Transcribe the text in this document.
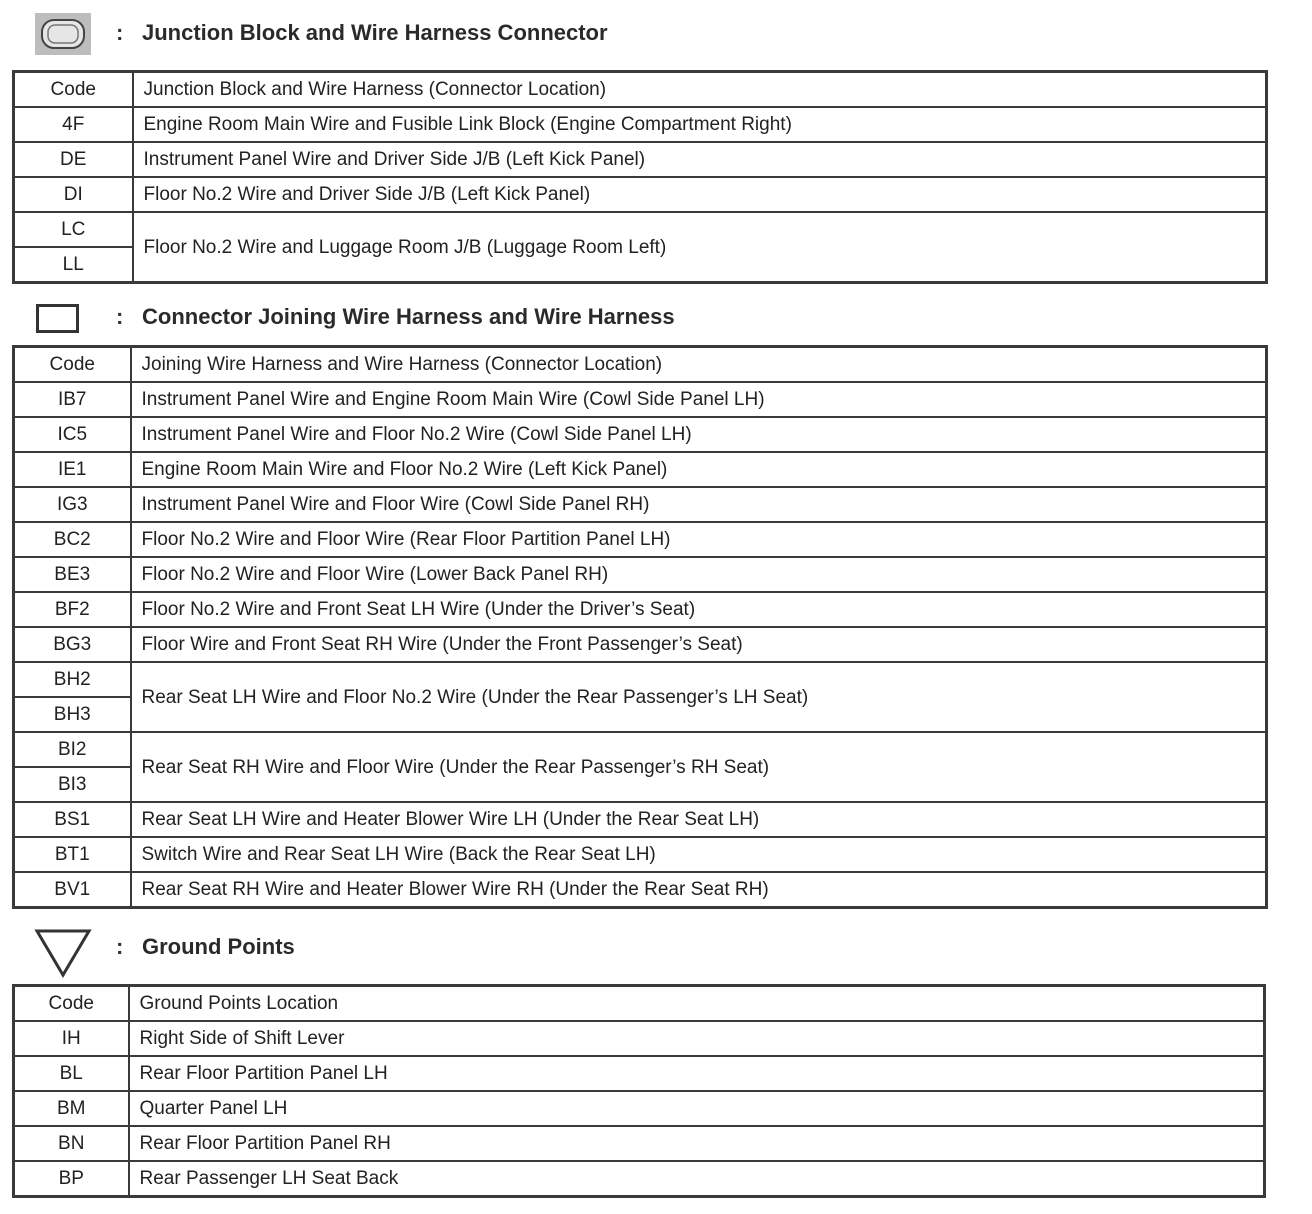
: Junction Block and Wire Harness Connector
Code	Junction Block and Wire Harness (Connector Location)
4F	Engine Room Main Wire and Fusible Link Block (Engine Compartment Right)
DE	Instrument Panel Wire and Driver Side J/B (Left Kick Panel)
DI	Floor No.2 Wire and Driver Side J/B (Left Kick Panel)
LC	Floor No.2 Wire and Luggage Room J/B (Luggage Room Left)
LL	
: Connector Joining Wire Harness and Wire Harness
Code	Joining Wire Harness and Wire Harness (Connector Location)
IB7	Instrument Panel Wire and Engine Room Main Wire (Cowl Side Panel LH)
IC5	Instrument Panel Wire and Floor No.2 Wire (Cowl Side Panel LH)
IE1	Engine Room Main Wire and Floor No.2 Wire (Left Kick Panel)
IG3	Instrument Panel Wire and Floor Wire (Cowl Side Panel RH)
BC2	Floor No.2 Wire and Floor Wire (Rear Floor Partition Panel LH)
BE3	Floor No.2 Wire and Floor Wire (Lower Back Panel RH)
BF2	Floor No.2 Wire and Front Seat LH Wire (Under the Driver’s Seat)
BG3	Floor Wire and Front Seat RH Wire (Under the Front Passenger’s Seat)
BH2	Rear Seat LH Wire and Floor No.2 Wire (Under the Rear Passenger’s LH Seat)
BH3	
BI2	Rear Seat RH Wire and Floor Wire (Under the Rear Passenger’s RH Seat)
BI3	
BS1	Rear Seat LH Wire and Heater Blower Wire LH (Under the Rear Seat LH)
BT1	Switch Wire and Rear Seat LH Wire (Back the Rear Seat LH)
BV1	Rear Seat RH Wire and Heater Blower Wire RH (Under the Rear Seat RH)
: Ground Points
Code	Ground Points Location
IH	Right Side of Shift Lever
BL	Rear Floor Partition Panel LH
BM	Quarter Panel LH
BN	Rear Floor Partition Panel RH
BP	Rear Passenger LH Seat Back
